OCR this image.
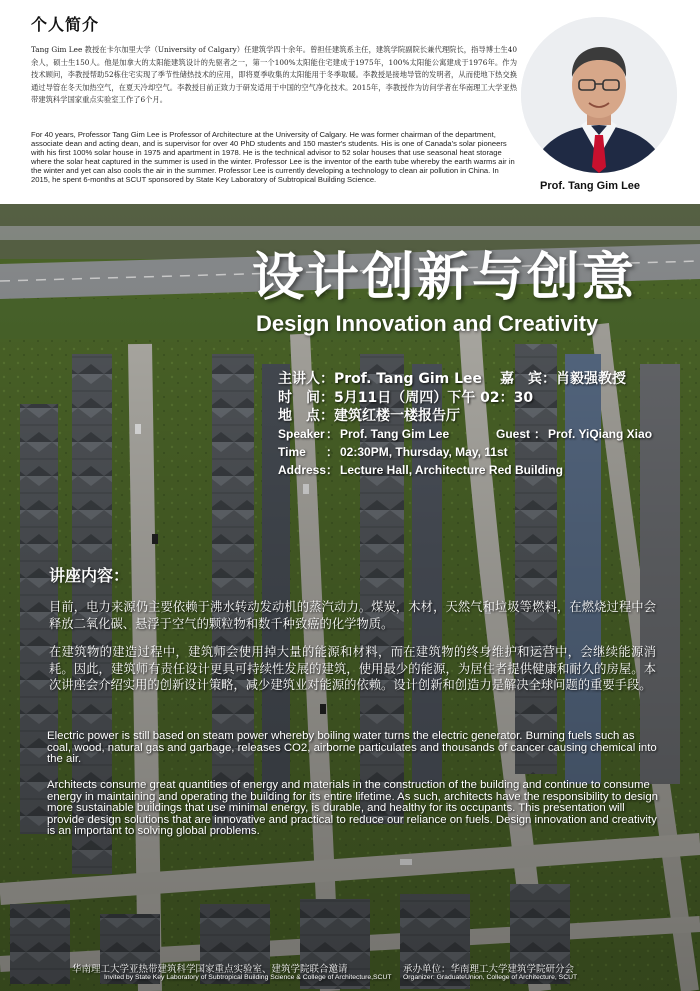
个人简介
Tang Gim Lee 教授在卡尔加里大学（University of Calgary）任建筑学四十余年。曾担任建筑系主任，建筑学院副院长兼代理院长，指导博士生40余人，硕士生150人。他是加拿大的太阳能建筑设计的先驱者之一，第一个100%太阳能住宅建成于1975年，100%太阳能公寓建成于1976年。作为技术顾问，李教授帮助52栋住宅实现了季节性储热技术的应用，即将夏季收集的太阳能用于冬季取暖。李教授是接地导管的发明者，从而使地下热交换通过导管在冬天加热空气，在夏天冷却空气。李教授目前正致力于研发适用于中国的空气净化技术。2015年，李教授作为访问学者在华南理工大学亚热带建筑科学国家重点实验室工作了6个月。
For 40 years, Professor Tang Gim Lee is Professor of Architecture at the University of Calgary. He was former chairman of the department, associate dean and acting dean, and is supervisor for over 40 PhD students and 150 master's students. His is one of Canada's solar pioneers with his first 100% solar house in 1975 and apartment in 1978. He is the technical advisor to 52 solar houses that use seasonal heat storage where the solar heat captured in the summer is used in the winter. Professor Lee is the inventor of the earth tube whereby the earth warms air in the winter and yet can also cools the air in the summer. Professor Lee is currently developing a technology to clean air pollution in China. In 2015, he spent 6-months at SCUT sponsored by State Key Laboratory of Subtropical Building Science.
Prof. Tang Gim Lee
设计创新与创意
Design Innovation and Creativity
主讲人：Prof. Tang Gim Lee 嘉　宾：肖毅强教授
时　间：5月11日（周四）下午 02：30
地　点：建筑红楼一楼报告厅
Speaker： Prof. Tang Gim Lee	Guest ： Prof. YiQiang Xiao
Time ： 02:30PM, Thursday, May, 11st
Address： Lecture Hall, Architecture Red Building
讲座内容：
目前，电力来源仍主要依赖于沸水转动发动机的蒸汽动力。煤炭，木材，天然气和垃圾等燃料，在燃烧过程中会释放二氧化碳、悬浮于空气的颗粒物和数千种致癌的化学物质。
在建筑物的建造过程中，建筑师会使用掉大量的能源和材料，而在建筑物的终身维护和运营中，会继续能源消耗。因此，建筑师有责任设计更具可持续性发展的建筑，使用最少的能源，为居住者提供健康和耐久的房屋。本次讲座会介绍实用的创新设计策略，减少建筑业对能源的依赖。设计创新和创造力是解决全球问题的重要手段。
Electric power is still based on steam power whereby boiling water turns the electric generator. Burning fuels such as coal, wood, natural gas and garbage, releases CO2, airborne particulates and thousands of cancer causing chemical into the air.
Architects consume great quantities of energy and materials in the construction of the building and continue to consume energy in maintaining and operating the building for its entire lifetime. As such, architects have the responsibility to design more sustainable buildings that use minimal energy, is durable, and healthy for its occupants. This presentation will provide design solutions that are innovative and practical to reduce our reliance on fuels. Design innovation and creativity is an important to solving global problems.
华南理工大学亚热带建筑科学国家重点实验室、建筑学院联合邀请
Invited by State Key Laboratory of Subtropical Building Science & College of Architecture,SCUT
承办单位：华南理工大学建筑学院研分会
Organizer: GraduateUnion, College of Architecture, SCUT
